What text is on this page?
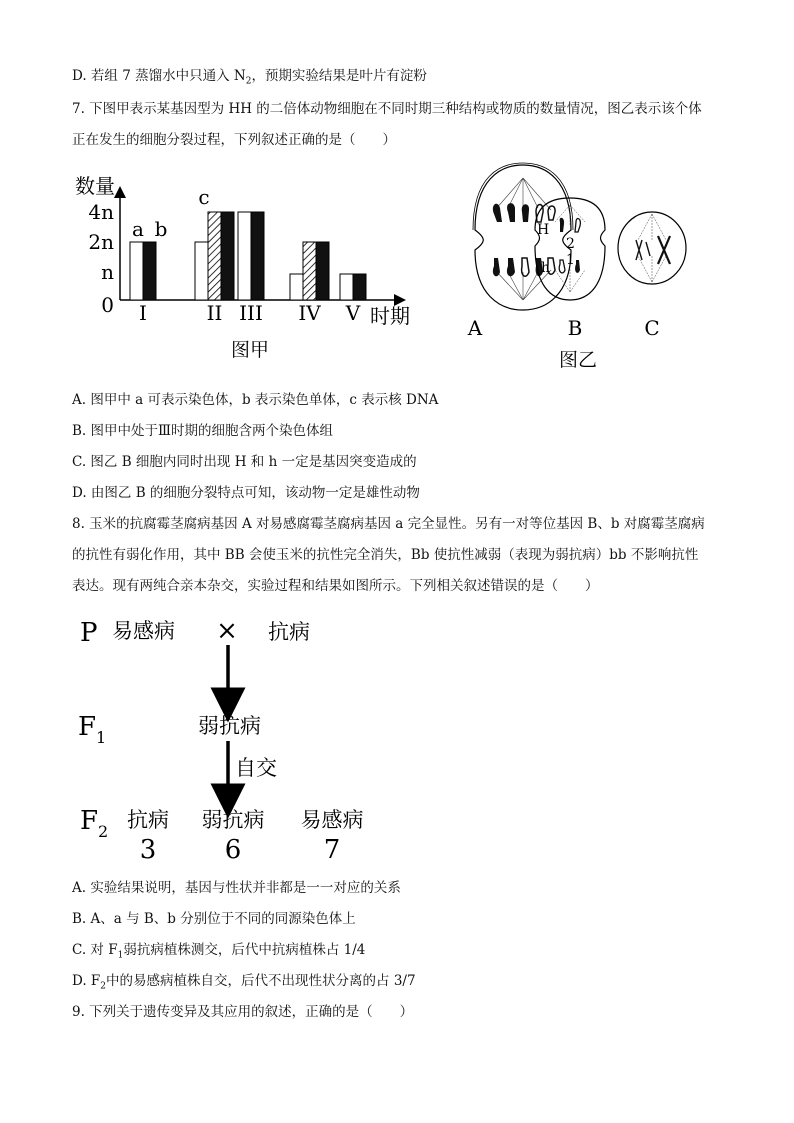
D. 若组 7 蒸馏水中只通入 $N_2$，预期实验结果是叶片有淀粉
7. 下图甲表示某基因型为 HH 的二倍体动物细胞在不同时期三种结构或物质的数量情况，图乙表示该个体
正在发生的细胞分裂过程，下列叙述正确的是（　　）
数量
4n
2n
n
0 I	II III IV V
a b
c
时期
图甲
H
h
2
1
A	B	C
图乙
A. 图甲中 a 可表示染色体，b 表示染色单体，c 表示核 DNA
B. 图甲中处于Ⅲ时期的细胞含两个染色体组
C. 图乙 B 细胞内同时出现 H 和 h 一定是基因突变造成的
D. 由图乙 B 的细胞分裂特点可知，该动物一定是雄性动物
8. 玉米的抗腐霉茎腐病基因 A 对易感腐霉茎腐病基因 a 完全显性。另有一对等位基因 B、b 对腐霉茎腐病
的抗性有弱化作用，其中 BB 会使玉米的抗性完全消失，Bb 使抗性减弱（表现为弱抗病）bb 不影响抗性
表达。现有两纯合亲本杂交，实验过程和结果如图所示。下列相关叙述错误的是（　　）
P 易感病 × 抗病
$F_1$	弱抗病
自交
$F_2$ 抗病 弱抗病 易感病
3	6	7
A. 实验结果说明，基因与性状并非都是一一对应的关系
B. A、a 与 B、b 分别位于不同的同源染色体上
C. 对 $F_1$弱抗病植株测交，后代中抗病植株占 1/4
D. $F_2$中的易感病植株自交，后代不出现性状分离的占 3/7
9. 下列关于遗传变异及其应用的叙述，正确的是（　　）
